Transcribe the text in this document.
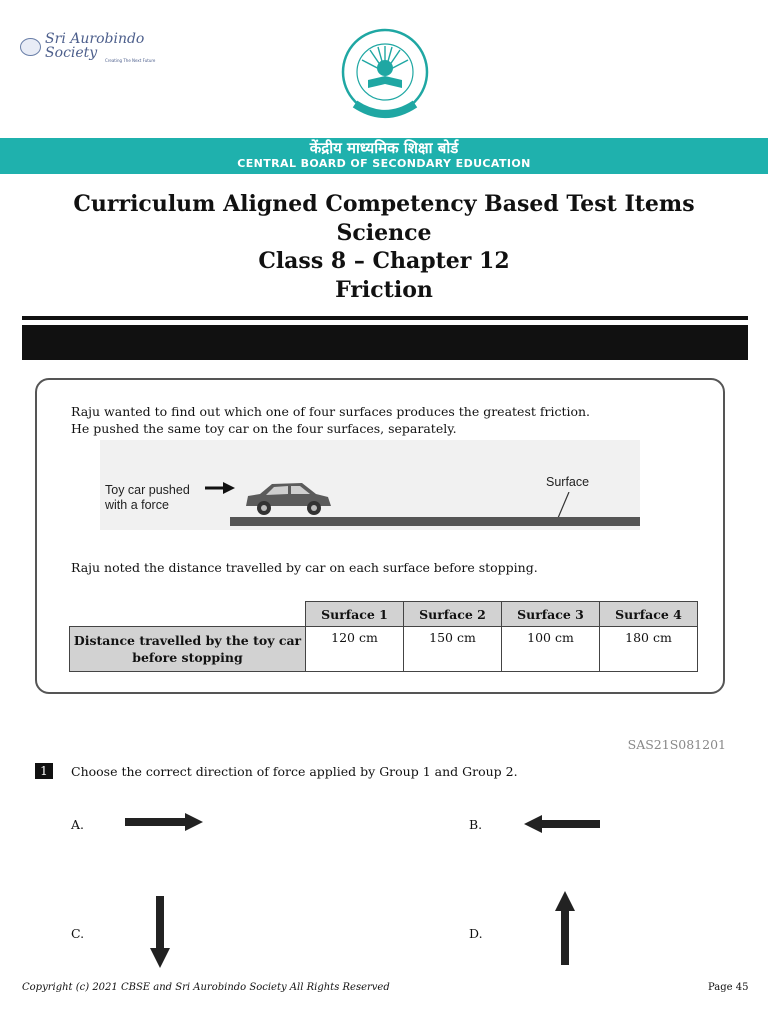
Sri Aurobindo Society	Creating The Next Future
केंद्रीय माध्यमिक शिक्षा बोर्ड
CENTRAL BOARD OF SECONDARY EDUCATION
Curriculum Aligned Competency Based Test Items
Science
Class 8 – Chapter 12
Friction
Raju wanted to find out which one of four surfaces produces the greatest friction.
He pushed the same toy car on the four surfaces, separately.
Toy car pushed
with a force
Surface
Raju noted the distance travelled by car on each surface before stopping.
	Surface 1	Surface 2	Surface 3	Surface 4
Distance travelled by the toy car before stopping	120 cm	150 cm	100 cm	180 cm
SAS21S081201
1	Choose the correct direction of force applied by Group 1 and Group 2.
A.	B.
C.	D.
Copyright (c) 2021 CBSE and Sri Aurobindo Society All Rights Reserved	Page 45
